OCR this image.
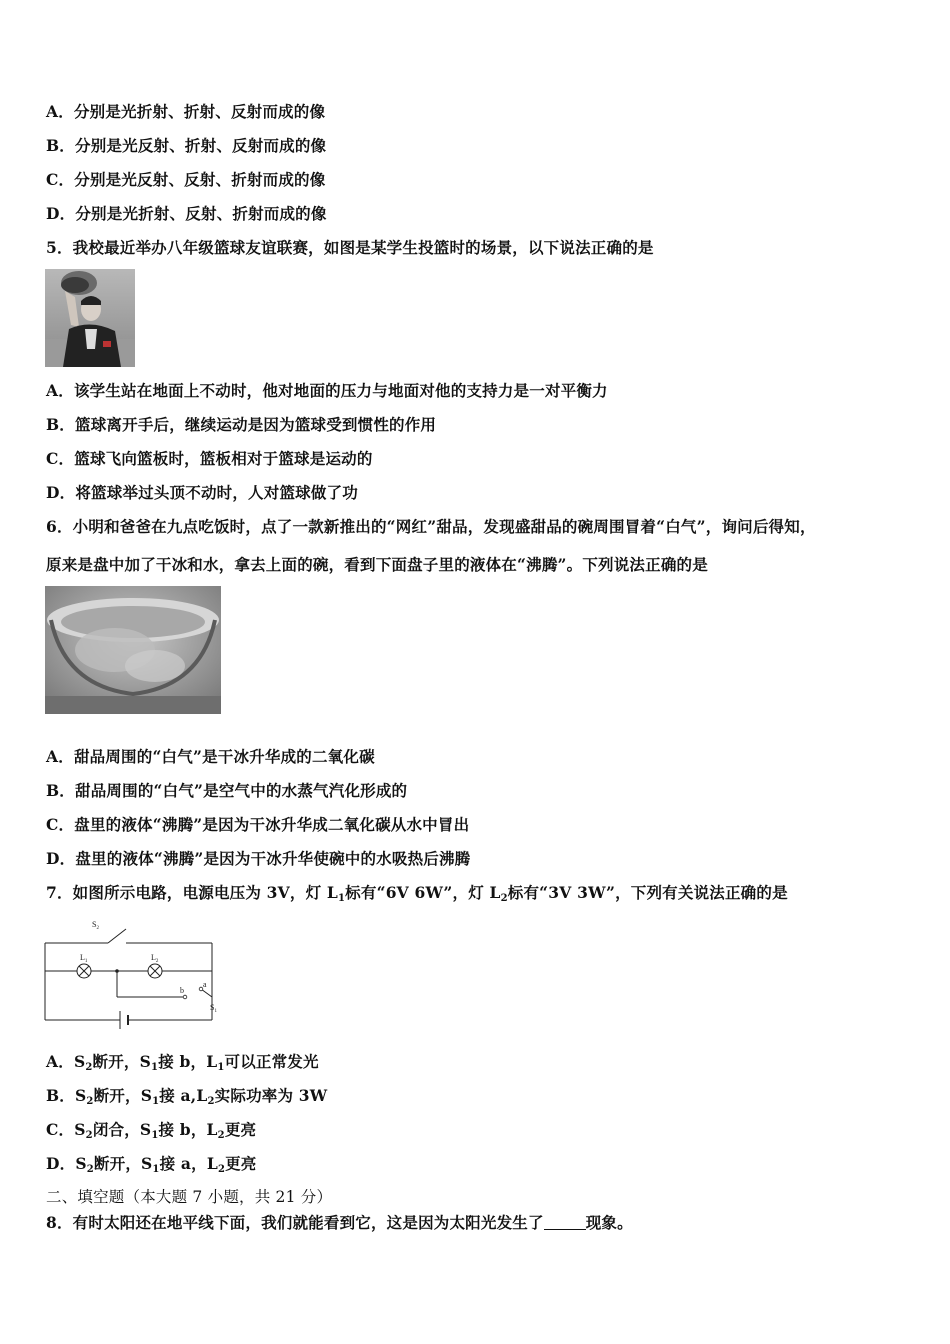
A．分别是光折射、折射、反射而成的像
B．分别是光反射、折射、反射而成的像
C．分别是光反射、反射、折射而成的像
D．分别是光折射、反射、折射而成的像
5．我校最近举办八年级篮球友谊联赛，如图是某学生投篮时的场景，以下说法正确的是
A．该学生站在地面上不动时，他对地面的压力与地面对他的支持力是一对平衡力
B．篮球离开手后，继续运动是因为篮球受到惯性的作用
C．篮球飞向篮板时，篮板相对于篮球是运动的
D．将篮球举过头顶不动时，人对篮球做了功
6．小明和爸爸在九点吃饭时，点了一款新推出的“网红”甜品，发现盛甜品的碗周围冒着“白气”，询问后得知，
原来是盘中加了干冰和水，拿去上面的碗，看到下面盘子里的液体在“沸腾”。下列说法正确的是
A．甜品周围的“白气”是干冰升华成的二氧化碳
B．甜品周围的“白气”是空气中的水蒸气汽化形成的
C．盘里的液体“沸腾”是因为干冰升华成二氧化碳从水中冒出
D．盘里的液体“沸腾”是因为干冰升华使碗中的水吸热后沸腾
7．如图所示电路，电源电压为 3V，灯 $L_1$标有“6V 6W”，灯 $L_2$标有“3V 3W”，下列有关说法正确的是
$S_2$
$L_1$	$L_2$
b
a
$S_1$
A．$S_2$断开，$S_1$接 b，$L_1$可以正常发光
B．$S_2$断开，$S_1$接 $a,L_2$实际功率为 3W
C．$S_2$闭合，$S_1$接 b，$L_2$更亮
D．$S_2$断开，$S_1$接 a，$L_2$更亮
二、填空题（本大题 7 小题，共 21 分）
8．有时太阳还在地平线下面，我们就能看到它，这是因为太阳光发生了	现象。
